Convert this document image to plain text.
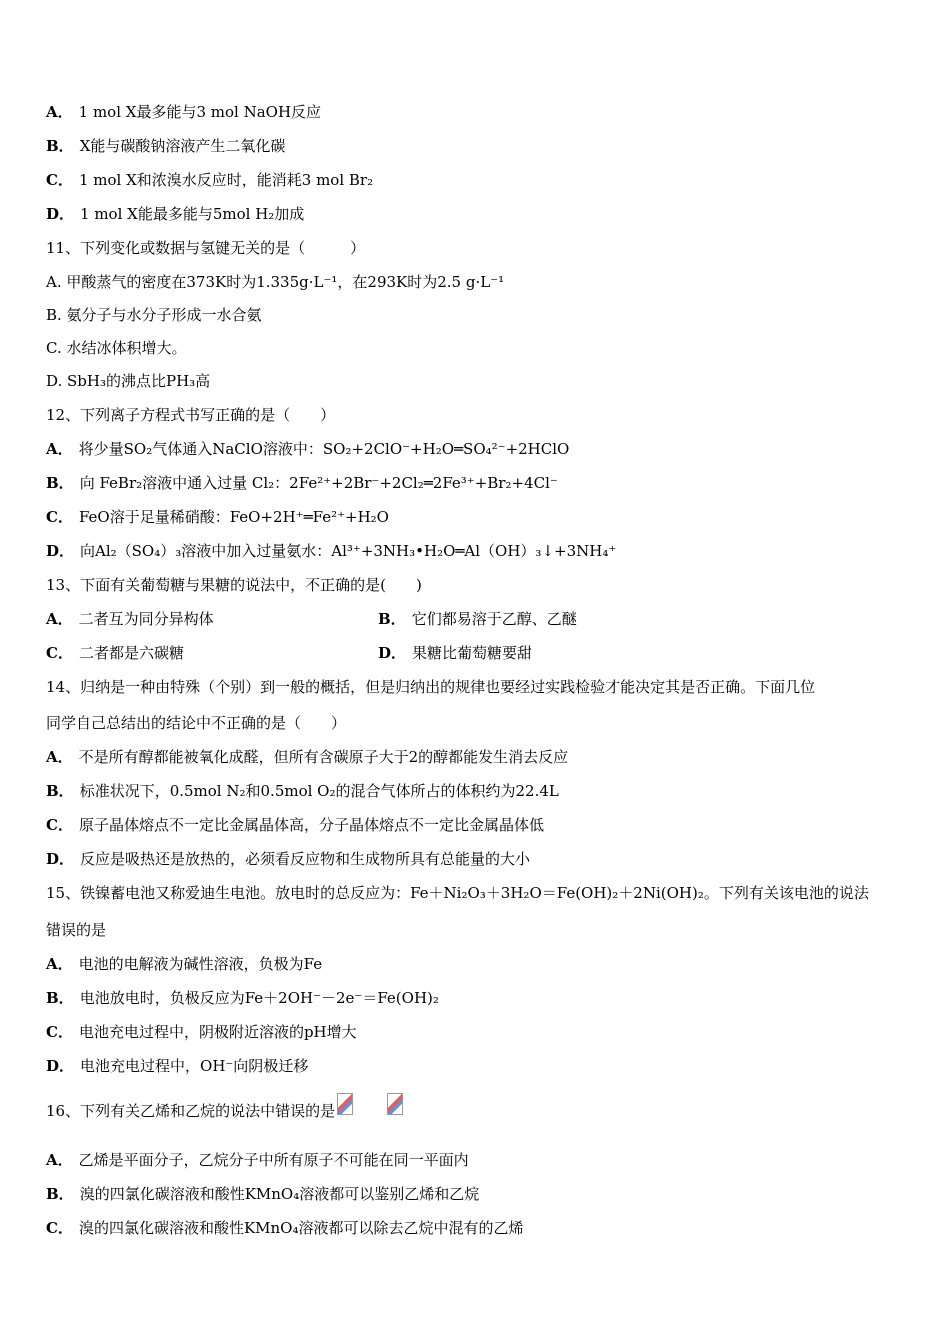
A． 1 mol X最多能与3 mol NaOH反应
B． X能与碳酸钠溶液产生二氧化碳
C． 1 mol X和浓溴水反应时，能消耗3 mol Br₂
D． 1 mol X能最多能与5mol H₂加成
11、下列变化或数据与氢键无关的是（　　　）
A. 甲酸蒸气的密度在373K时为1.335g·L⁻¹，在293K时为2.5 g·L⁻¹
B. 氨分子与水分子形成一水合氨
C. 水结冰体积增大。
D. SbH₃的沸点比PH₃高
12、下列离子方程式书写正确的是（　　）
A． 将少量SO₂气体通入NaClO溶液中：SO₂+2ClO⁻+H₂O═SO₄²⁻+2HClO
B． 向 FeBr₂溶液中通入过量 Cl₂：2Fe²⁺+2Br⁻+2Cl₂═2Fe³⁺+Br₂+4Cl⁻
C． FeO溶于足量稀硝酸：FeO+2H⁺═Fe²⁺+H₂O
D． 向Al₂（SO₄）₃溶液中加入过量氨水：Al³⁺+3NH₃•H₂O═Al（OH）₃↓+3NH₄⁺
13、下面有关葡萄糖与果糖的说法中，不正确的是(　　)
A． 二者互为同分异构体	B． 它们都易溶于乙醇、乙醚
C． 二者都是六碳糖	D． 果糖比葡萄糖要甜
14、归纳是一种由特殊（个别）到一般的概括，但是归纳出的规律也要经过实践检验才能决定其是否正确。下面几位
同学自己总结出的结论中不正确的是（　　）
A． 不是所有醇都能被氧化成醛，但所有含碳原子大于2的醇都能发生消去反应
B． 标准状况下，0.5mol N₂和0.5mol O₂的混合气体所占的体积约为22.4L
C． 原子晶体熔点不一定比金属晶体高，分子晶体熔点不一定比金属晶体低
D． 反应是吸热还是放热的，必须看反应物和生成物所具有总能量的大小
15、铁镍蓄电池又称爱迪生电池。放电时的总反应为：Fe＋Ni₂O₃＋3H₂O＝Fe(OH)₂＋2Ni(OH)₂。下列有关该电池的说法
错误的是
A． 电池的电解液为碱性溶液，负极为Fe
B． 电池放电时，负极反应为Fe＋2OH⁻－2e⁻＝Fe(OH)₂
C． 电池充电过程中，阴极附近溶液的pH增大
D． 电池充电过程中，OH⁻向阴极迁移
16、下列有关乙烯和乙烷的说法中错误的是
A． 乙烯是平面分子，乙烷分子中所有原子不可能在同一平面内
B． 溴的四氯化碳溶液和酸性KMnO₄溶液都可以鉴别乙烯和乙烷
C． 溴的四氯化碳溶液和酸性KMnO₄溶液都可以除去乙烷中混有的乙烯
